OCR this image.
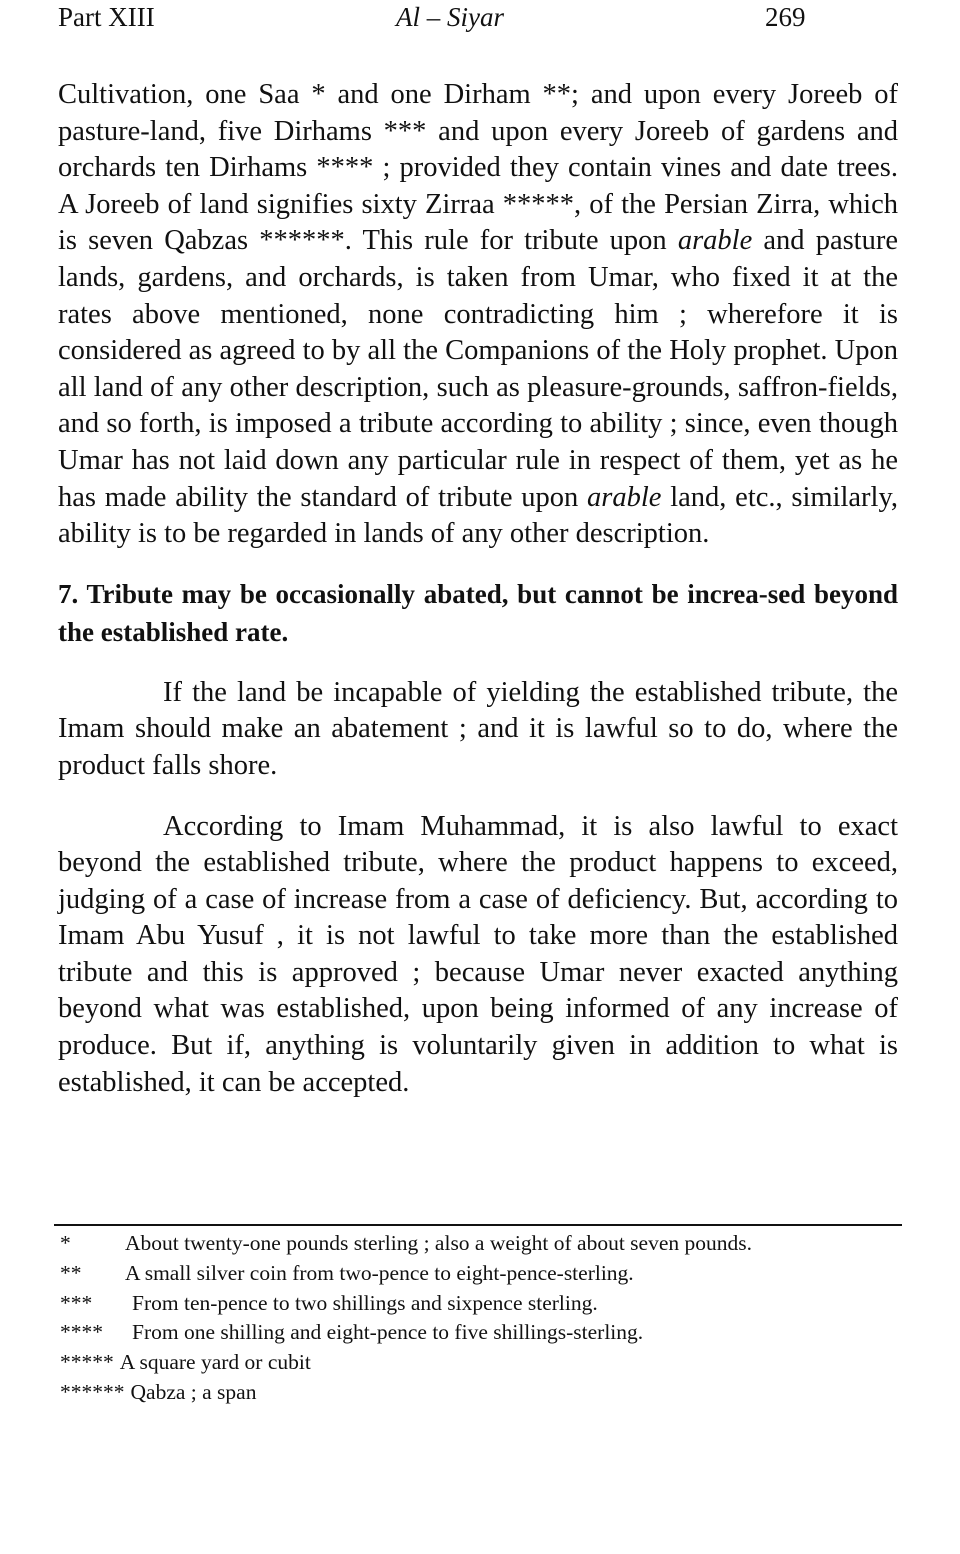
Part XIII	Al – Siyar	269

Cultivation, one Saa * and one Dirham **; and upon every Joreeb of pasture-land, five Dirhams *** and upon every Joreeb of gardens and orchards ten Dirhams **** ; provided they contain vines and date trees. A Joreeb of land signifies sixty Zirraa *****, of the Persian Zirra, which is seven Qabzas ******. This rule for tribute upon arable and pasture lands, gardens, and orchards, is taken from Umar, who fixed it at the rates above mentioned, none contradicting him ; wherefore it is considered as agreed to by all the Companions of the Holy prophet. Upon all land of any other description, such as pleasure-grounds, saffron-fields, and so forth, is imposed a tribute according to ability ; since, even though Umar has not laid down any particular rule in respect of them, yet as he has made ability the standard of tribute upon arable land, etc., similarly, ability is to be regarded in lands of any other description.

7. Tribute may be occasionally abated, but cannot be increa-sed beyond the established rate.

If the land be incapable of yielding the established tribute, the Imam should make an abatement ; and it is lawful so to do, where the product falls shore.

According to Imam Muhammad, it is also lawful to exact beyond the established tribute, where the product happens to exceed, judging of a case of increase from a case of deficiency. But, according to Imam Abu Yusuf , it is not lawful to take more than the established tribute and this is approved ; because Umar never exacted anything beyond what was established, upon being informed of any increase of produce. But if, anything is voluntarily given in addition to what is established, it can be accepted.

*	About twenty-one pounds sterling ; also a weight of about seven pounds.
** A small silver coin from two-pence to eight-pence-sterling.
*** From ten-pence to two shillings and sixpence sterling.
**** From one shilling and eight-pence to five shillings-sterling.
***** A square yard or cubit
****** Qabza ; a span
